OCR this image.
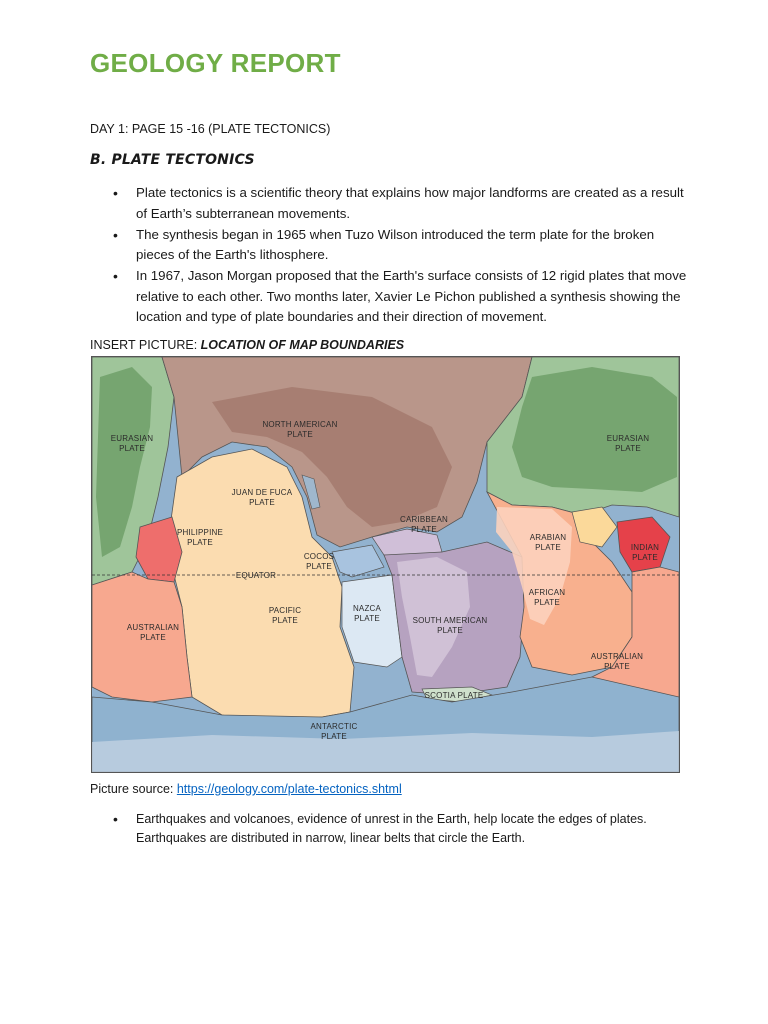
GEOLOGY REPORT
DAY 1: PAGE 15 -16 (PLATE TECTONICS)
B. PLATE TECTONICS
• Plate tectonics is a scientific theory that explains how major landforms are created as a result of Earth’s subterranean movements.
• The synthesis began in 1965 when Tuzo Wilson introduced the term plate for the broken pieces of the Earth's lithosphere.
• In 1967, Jason Morgan proposed that the Earth's surface consists of 12 rigid plates that move relative to each other. Two months later, Xavier Le Pichon published a synthesis showing the location and type of plate boundaries and their direction of movement.
INSERT PICTURE: LOCATION OF MAP BOUNDARIES
EURASIAN PLATE
EURASIAN PLATE
NORTH AMERICAN PLATE
JUAN DE FUCA PLATE
PHILIPPINE PLATE
CARIBBEAN PLATE
ARABIAN PLATE	INDIAN PLATE
COCOS PLATE
EQUATOR
AFRICAN PLATE
AUSTRALIAN PLATE
PACIFIC PLATE
NAZCA PLATE	SOUTH AMERICAN PLATE
AUSTRALIAN PLATE
SCOTIA PLATE
ANTARCTIC PLATE
Picture source: https://geology.com/plate-tectonics.shtml
• Earthquakes and volcanoes, evidence of unrest in the Earth, help locate the edges of plates. Earthquakes are distributed in narrow, linear belts that circle the Earth.
